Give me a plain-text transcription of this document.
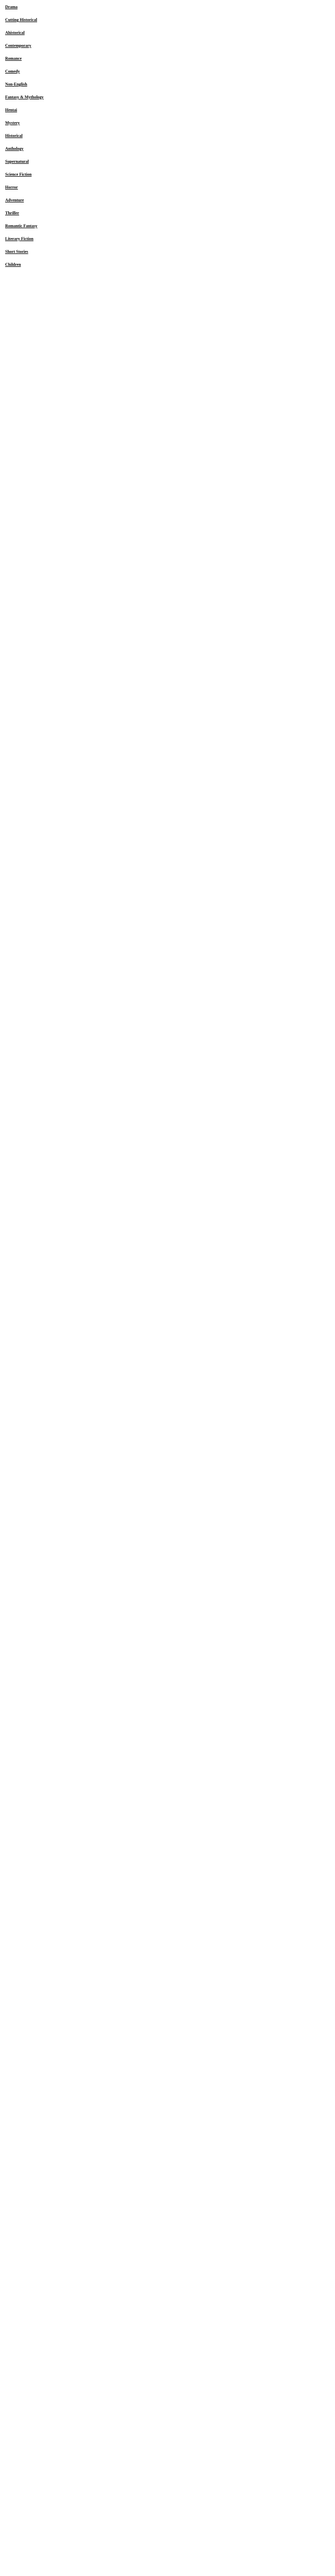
Drama
Cutting Historical
Ahistorical
Contemporary
Romance
Comedy
Non-English
Fantasy & Mythology
Hentai
Mystery
Historical
Anthology
Supernatural
Science Fiction
Horror
Adventure
Thriller
Romantic Fantasy
Literary Fiction
Short Stories
Children
